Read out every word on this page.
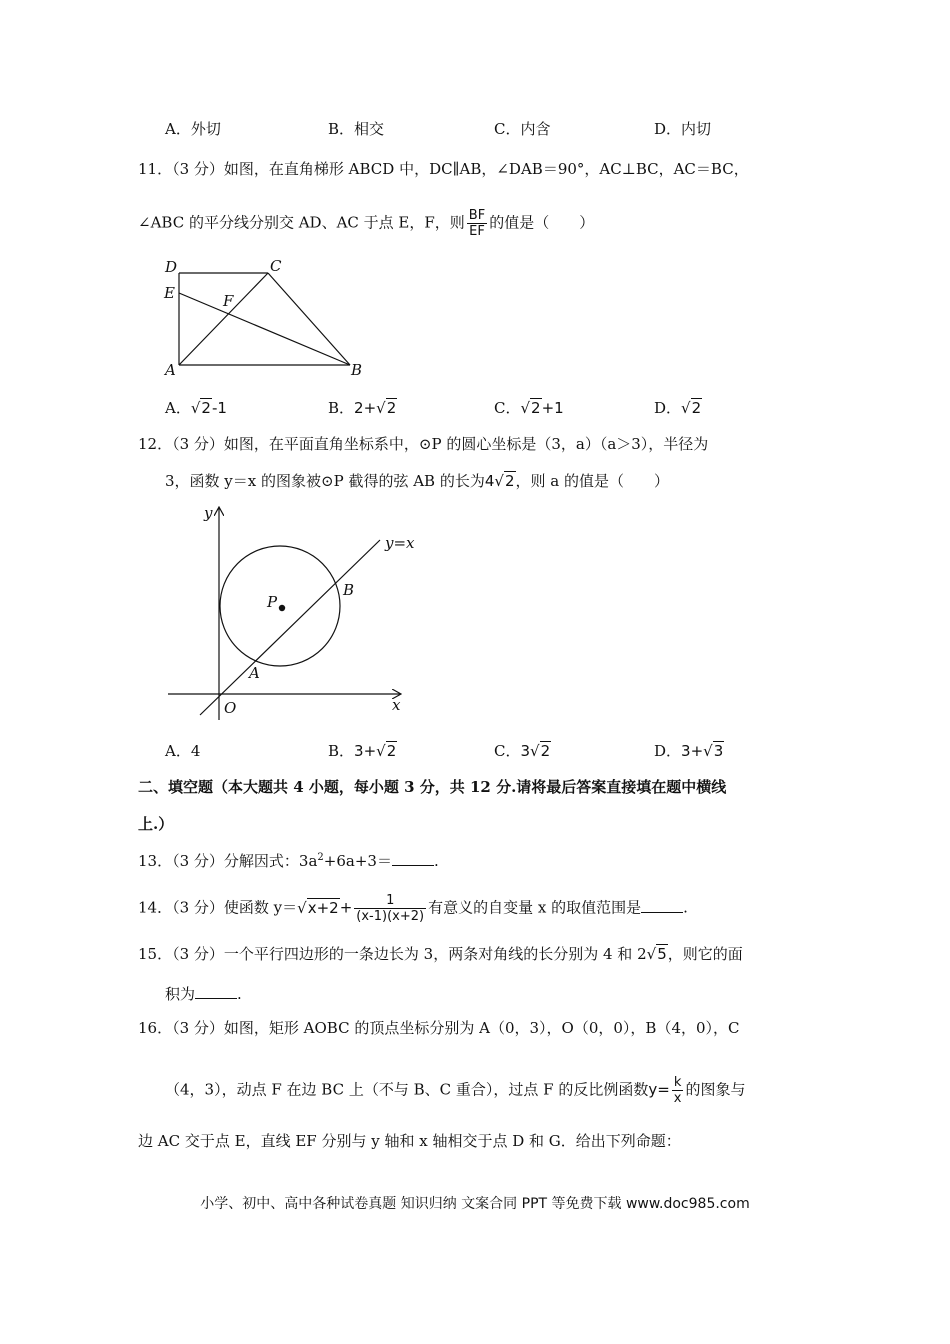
A．外切	B．相交	C．内含	D．内切
11．（3 分）如图，在直角梯形 ABCD 中，DC∥AB，∠DAB＝90°，AC⊥BC，AC＝BC，
∠ABC 的平分线分别交 AD、AC 于点 E，F，则 $\frac{BF}{EF}$ 的值是（　　）
D	C
E	F
A	B
A．√2-1	B．2+√2	C．√2+1	D．√2
12．（3 分）如图，在平面直角坐标系中，⊙P 的圆心坐标是（3，a）（a＞3），半径为
3，函数 y＝x 的图象被⊙P 截得的弦 AB 的长为4√2，则 a 的值是（　　）
y
y=x
P
B
A
O	x
A．4	B．3+√2	C．3√2	D．3+√3
二、填空题（本大题共 4 小题，每小题 3 分，共 12 分.请将最后答案直接填在题中横线
上.）
13．（3 分）分解因式：$3a^2+6a+3=$	.
14．（3 分）使函数 $y=√x+2+ \frac{1}{(x-1)(x+2)}$ 有意义的自变量 x 的取值范围是	.
15．（3 分）一个平行四边形的一条边长为 3，两条对角线的长分别为 4 和 2√5，则它的面
积为	.
16．（3 分）如图，矩形 AOBC 的顶点坐标分别为 A（0，3），O（0，0），B（4，0），C
（4，3），动点 F 在边 BC 上（不与 B、C 重合），过点 F 的反比例函数$y= \frac{k}{x}$ 的图象与
边 AC 交于点 E，直线 EF 分别与 y 轴和 x 轴相交于点 D 和 G．给出下列命题：
小学、初中、高中各种试卷真题 知识归纳 文案合同 PPT 等免费下载 www.doc985.com
